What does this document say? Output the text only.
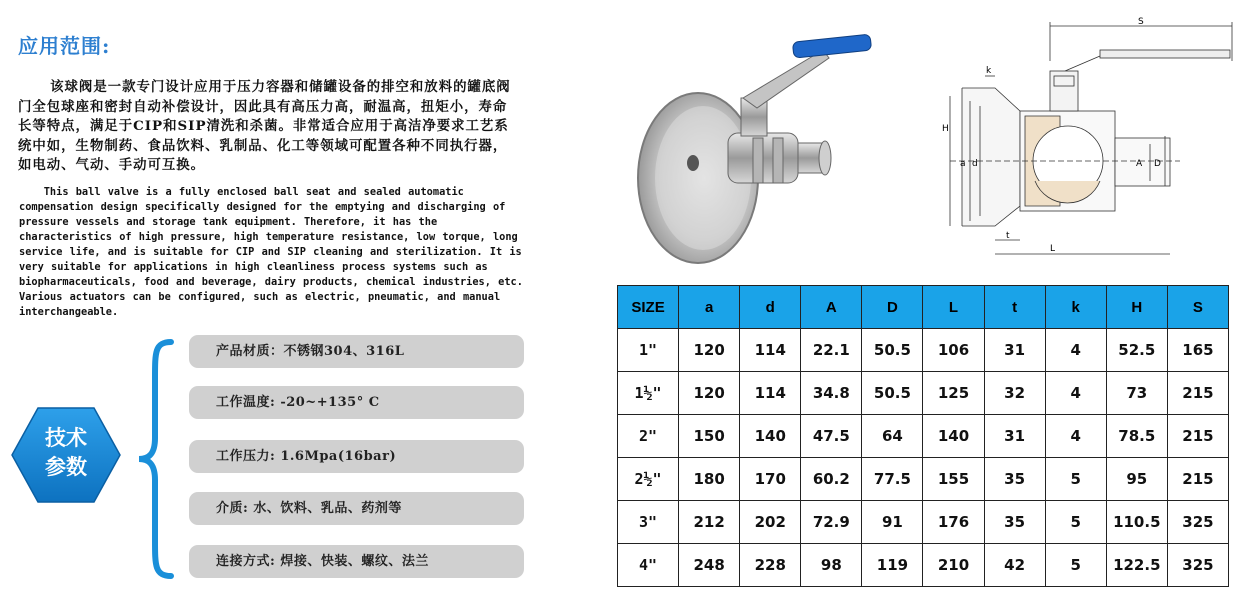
应用范围:
该球阀是一款专门设计应用于压力容器和储罐设备的排空和放料的罐底阀门全包球座和密封自动补偿设计，因此具有高压力高，耐温高，扭矩小，寿命长等特点，满足于CIP和SIP清洗和杀菌。非常适合应用于高洁净要求工艺系统中如，生物制药、食品饮料、乳制品、化工等领域可配置各种不同执行器，如电动、气动、手动可互换。
This ball valve is a fully enclosed ball seat and sealed automatic compensation design specifically designed for the emptying and discharging of pressure vessels and storage tank equipment. Therefore, it has the characteristics of high pressure, high temperature resistance, low torque, long service life, and is suitable for CIP and SIP cleaning and sterilization. It is very suitable for applications in high cleanliness process systems such as biopharmaceuticals, food and beverage, dairy products, chemical industries, etc. Various actuators can be configured, such as electric, pneumatic, and manual interchangeable.
技术
参数
产品材质：不锈钢304、316L
工作温度: -20~+135° C
工作压力: 1.6Mpa(16bar)
介质: 水、饮料、乳品、药剂等
连接方式: 焊接、快装、螺纹、法兰
S
k
H
a d	A D
t
L
SIZE	a	d	A	D	L	t	k	H	S
1"	120	114	22.1	50.5	106	31	4	52.5	165
1½"	120	114	34.8	50.5	125	32	4	73	215
2"	150	140	47.5	64	140	31	4	78.5	215
2½"	180	170	60.2	77.5	155	35	5	95	215
3"	212	202	72.9	91	176	35	5	110.5	325
4"	248	228	98	119	210	42	5	122.5	325
